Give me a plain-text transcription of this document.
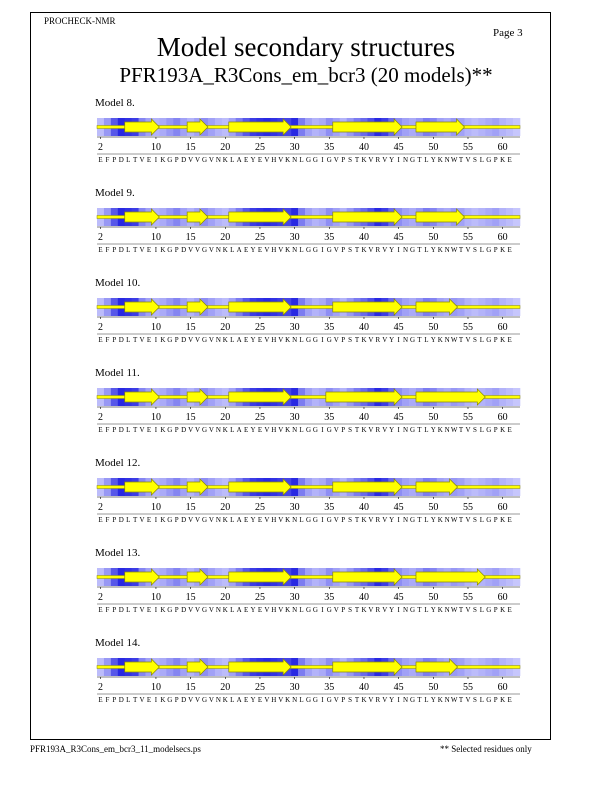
PROCHECK-NMR
Page 3
Model secondary structures
PFR193A_R3Cons_em_bcr3 (20 models)**
Model 8.
2	10 15 20 25 30 35 40 45 50 55 60
E F P D L T V E I K G P D V V G V N K L A E Y E V H V K N L G G I G V P S T K V R V Y I N G T L Y K NWT V S L G P K E
Model 9.
2	10 15 20 25 30 35 40 45 50 55 60
E F P D L T V E I K G P D V V G V N K L A E Y E V H V K N L G G I G V P S T K V R V Y I N G T L Y K NWT V S L G P K E
Model 10.
2	10 15 20 25 30 35 40 45 50 55 60
E F P D L T V E I K G P D V V G V N K L A E Y E V H V K N L G G I G V P S T K V R V Y I N G T L Y K NWT V S L G P K E
Model 11.
2	10 15 20 25 30 35 40 45 50 55 60
E F P D L T V E I K G P D V V G V N K L A E Y E V H V K N L G G I G V P S T K V R V Y I N G T L Y K NWT V S L G P K E
Model 12.
2	10 15 20 25 30 35 40 45 50 55 60
E F P D L T V E I K G P D V V G V N K L A E Y E V H V K N L G G I G V P S T K V R V Y I N G T L Y K NWT V S L G P K E
Model 13.
2	10 15 20 25 30 35 40 45 50 55 60
E F P D L T V E I K G P D V V G V N K L A E Y E V H V K N L G G I G V P S T K V R V Y I N G T L Y K NWT V S L G P K E
Model 14.
2	10 15 20 25 30 35 40 45 50 55 60
E F P D L T V E I K G P D V V G V N K L A E Y E V H V K N L G G I G V P S T K V R V Y I N G T L Y K NWT V S L G P K E
PFR193A_R3Cons_em_bcr3_11_modelsecs.ps	** Selected residues only
